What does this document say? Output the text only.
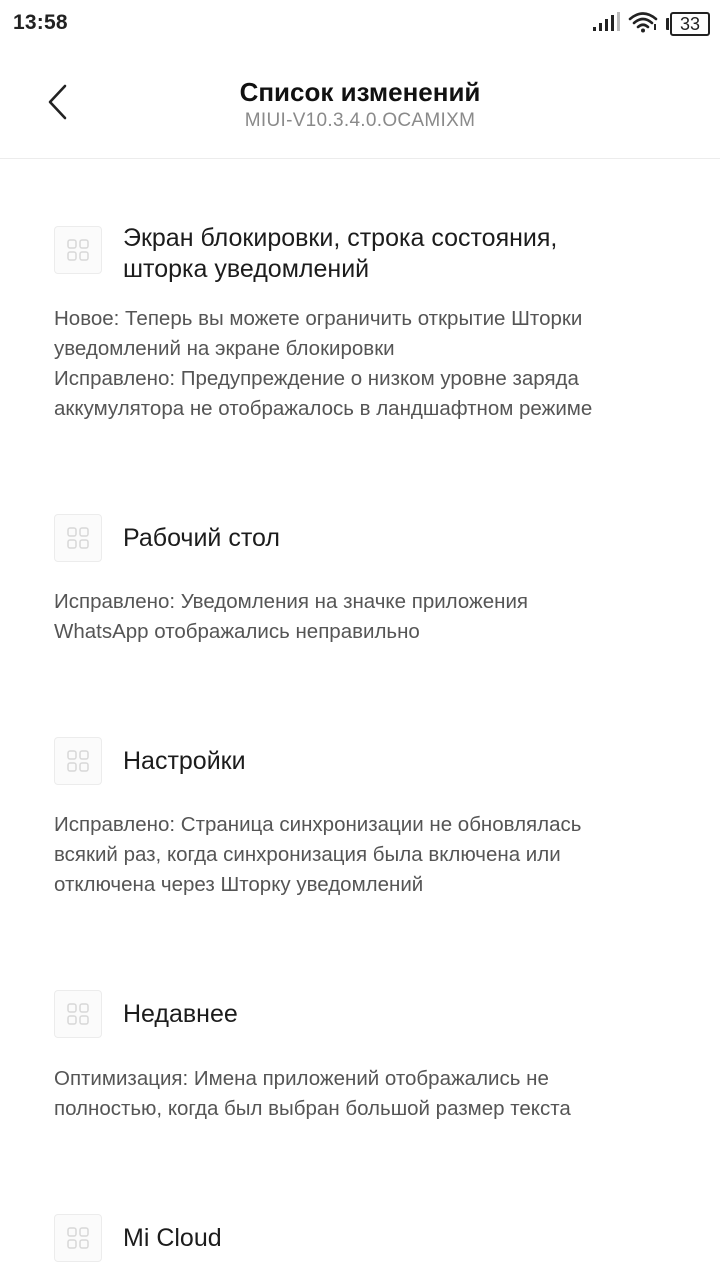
13:58	33
Список изменений
MIUI-V10.3.4.0.OCAMIXM
Экран блокировки, строка состояния,
шторка уведомлений
Новое: Теперь вы можете ограничить открытие Шторки
уведомлений на экране блокировки
Исправлено: Предупреждение о низком уровне заряда
аккумулятора не отображалось в ландшафтном режиме
Рабочий стол
Исправлено: Уведомления на значке приложения
WhatsApp отображались неправильно
Настройки
Исправлено: Страница синхронизации не обновлялась
всякий раз, когда синхронизация была включена или
отключена через Шторку уведомлений
Недавнее
Оптимизация: Имена приложений отображались не
полностью, когда был выбран большой размер текста
Mi Cloud
